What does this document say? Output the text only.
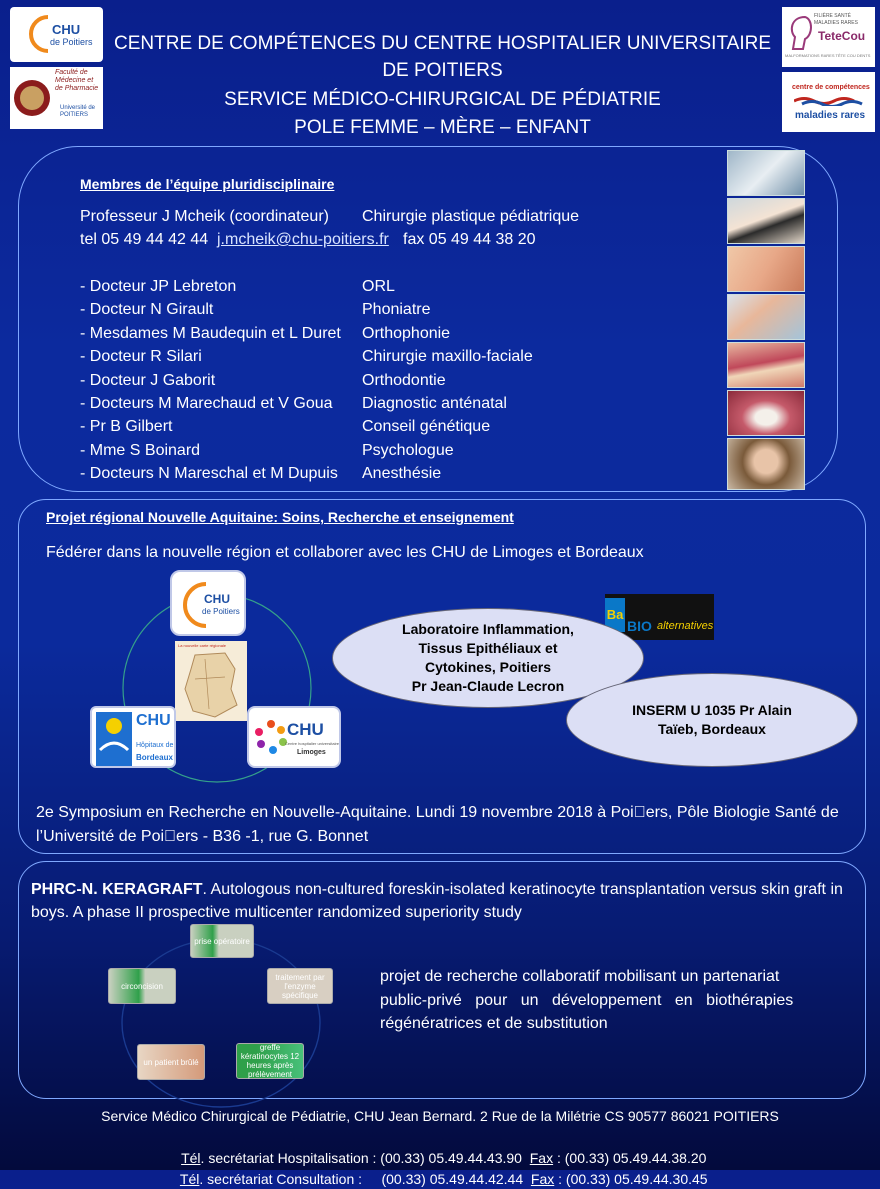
CHU
de Poitiers
Faculté de
Médecine et
de Pharmacie
Université de
POITIERS
CENTRE DE COMPÉTENCES DU CENTRE HOSPITALIER UNIVERSITAIRE
DE POITIERS
SERVICE MÉDICO-CHIRURGICAL DE PÉDIATRIE
POLE FEMME – MÈRE – ENFANT
FILIÈRE SANTÉ
MALADIES RARES
TeteCou
MALFORMATIONS RARES TÊTE COU DENTS
centre de compétences
maladies rares
Membres de l’équipe pluridisciplinaire
Professeur J Mcheik (coordinateur) Chirurgie plastique pédiatrique
tel 05 49 44 42 44 j.mcheik@chu-poitiers.fr fax 05 49 44 38 20
- Docteur JP Lebreton	ORL
- Docteur N Girault	Phoniatre
- Mesdames M Baudequin et L Duret Orthophonie
- Docteur R Silari	Chirurgie maxillo-faciale
- Docteur J Gaborit	Orthodontie
- Docteurs M Marechaud et V Goua Diagnostic anténatal
- Pr B Gilbert	Conseil génétique
- Mme S Boinard	Psychologue
- Docteurs N Mareschal et M Dupuis Anesthésie
Projet régional Nouvelle Aquitaine: Soins, Recherche et enseignement
Fédérer dans la nouvelle région et collaborer avec les CHU de Limoges et Bordeaux
CHU
de Poitiers
La nouvelle carte régionale
CHU
Hôpitaux de
Bordeaux
CHU
Centre hospitalier universitaire
Limoges
Ba
BIO alternatives
Laboratoire Inflammation,
Tissus Epithéliaux et
Cytokines, Poitiers
Pr Jean-Claude Lecron
INSERM U 1035 Pr Alain
Taïeb, Bordeaux
2e Symposium en Recherche en Nouvelle-Aquitaine. Lundi 19 novembre 2018 à Poi ers, Pôle Biologie Santé de
l’Université de Poi ers - B36 -1, rue G. Bonnet
PHRC-N. KERAGRAFT. Autologous non-cultured foreskin-isolated keratinocyte transplantation versus skin graft in
boys. A phase II prospective multicenter randomized superiority study
prise opératoire
traitement par l'enzyme spécifique
greffe kératinocytes 12 heures après prélèvement
un patient brûlé
circoncision
projet de recherche collaboratif mobilisant un partenariat
public-privé pour un développement en biothérapies
régénératrices et de substitution
Service Médico Chirurgical de Pédiatrie, CHU Jean Bernard. 2 Rue de la Milétrie CS 90577 86021 POITIERS

Tél. secrétariat Hospitalisation : (00.33) 05.49.44.43.90  Fax : (00.33) 05.49.44.38.20

Tél. secrétariat Consultation :     (00.33) 05.49.44.42.44  Fax : (00.33) 05.49.44.30.45
